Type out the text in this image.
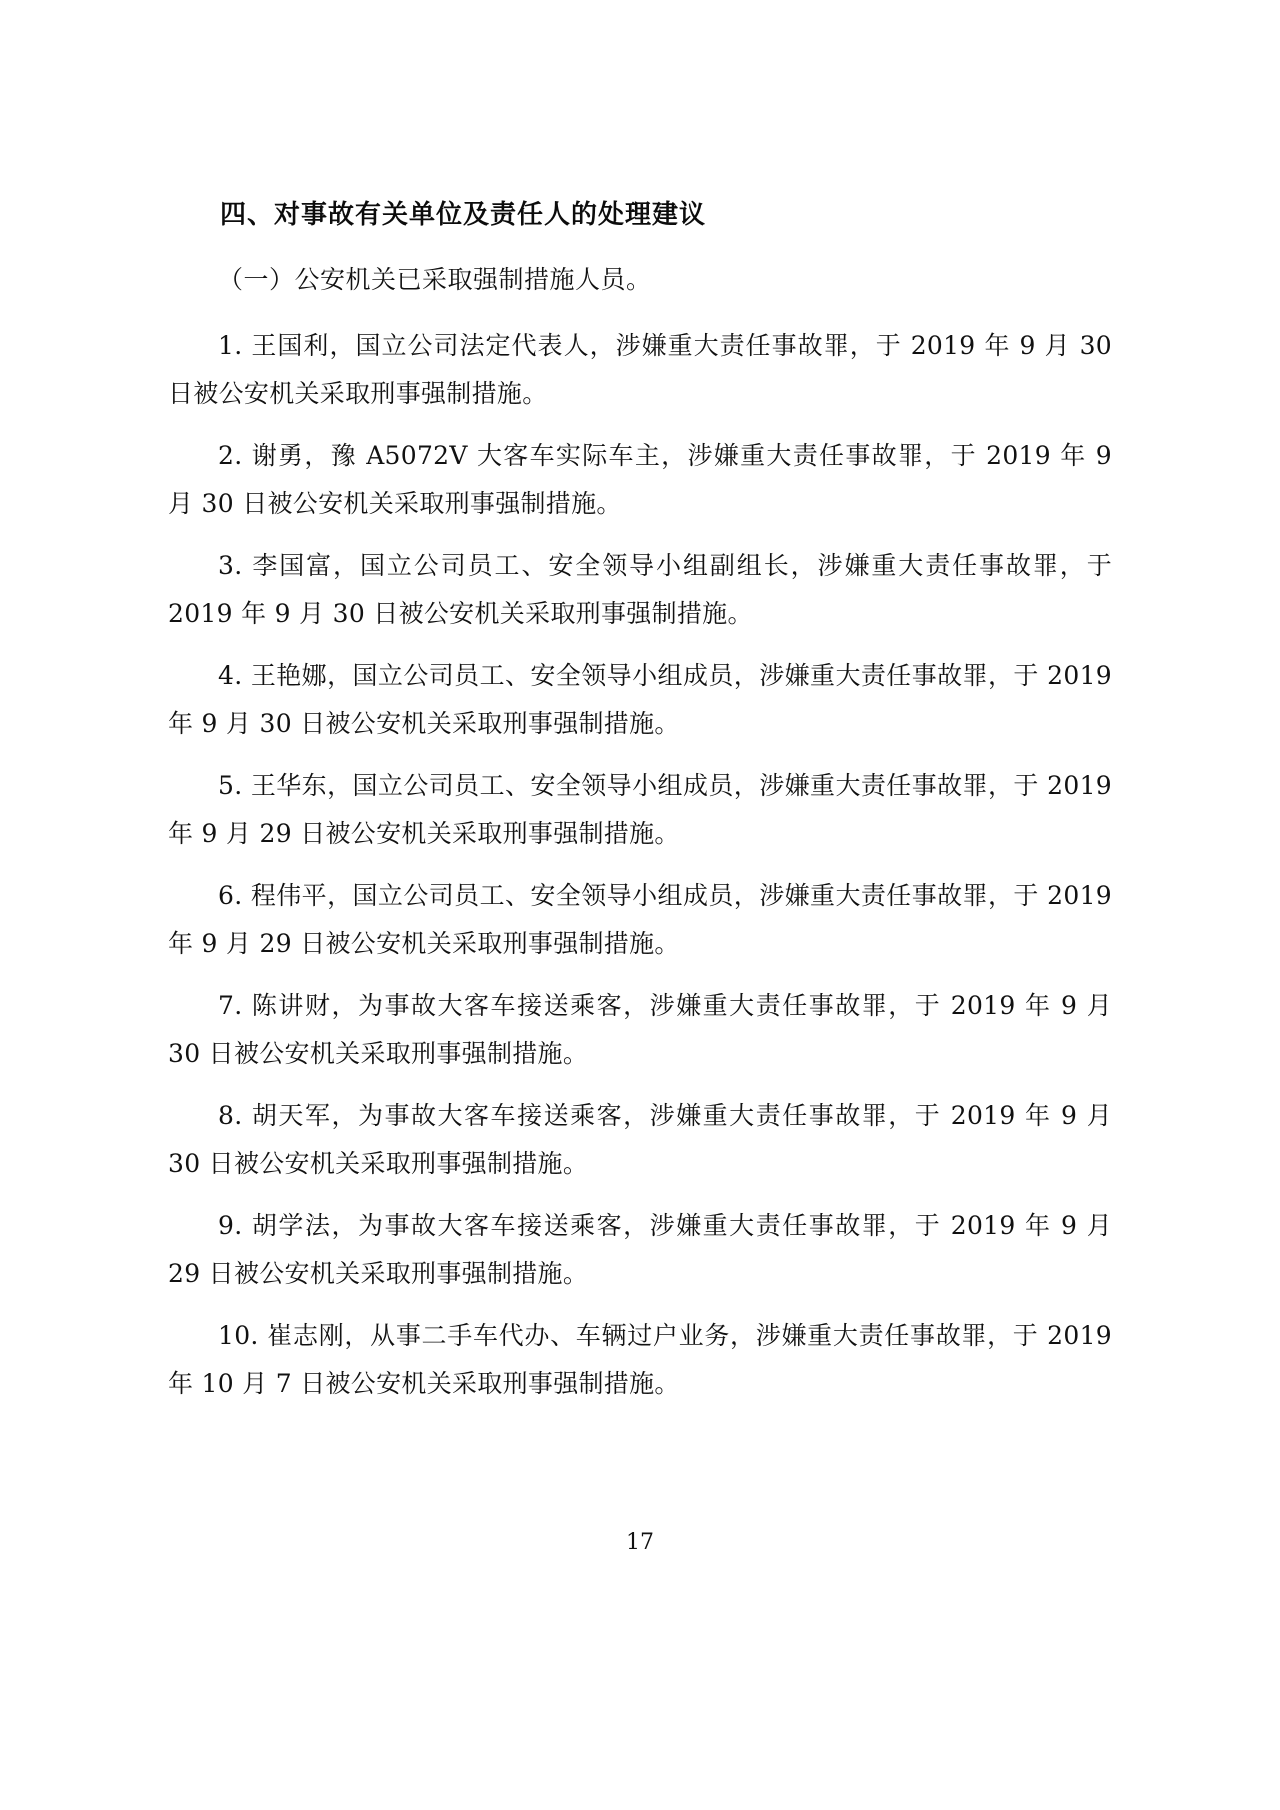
四、对事故有关单位及责任人的处理建议
（一）公安机关已采取强制措施人员。

1. 王国利，国立公司法定代表人，涉嫌重大责任事故罪，于 2019 年 9 月 30 日被公安机关采取刑事强制措施。

2. 谢勇，豫 A5072V 大客车实际车主，涉嫌重大责任事故罪，于 2019 年 9 月 30 日被公安机关采取刑事强制措施。

3. 李国富，国立公司员工、安全领导小组副组长，涉嫌重大责任事故罪，于 2019 年 9 月 30 日被公安机关采取刑事强制措施。

4. 王艳娜，国立公司员工、安全领导小组成员，涉嫌重大责任事故罪，于 2019 年 9 月 30 日被公安机关采取刑事强制措施。

5. 王华东，国立公司员工、安全领导小组成员，涉嫌重大责任事故罪，于 2019 年 9 月 29 日被公安机关采取刑事强制措施。

6. 程伟平，国立公司员工、安全领导小组成员，涉嫌重大责任事故罪，于 2019 年 9 月 29 日被公安机关采取刑事强制措施。

7. 陈讲财，为事故大客车接送乘客，涉嫌重大责任事故罪，于 2019 年 9 月 30 日被公安机关采取刑事强制措施。

8. 胡天军，为事故大客车接送乘客，涉嫌重大责任事故罪，于 2019 年 9 月 30 日被公安机关采取刑事强制措施。

9. 胡学法，为事故大客车接送乘客，涉嫌重大责任事故罪，于 2019 年 9 月 29 日被公安机关采取刑事强制措施。

10. 崔志刚，从事二手车代办、车辆过户业务，涉嫌重大责任事故罪，于 2019 年 10 月 7 日被公安机关采取刑事强制措施。

17
